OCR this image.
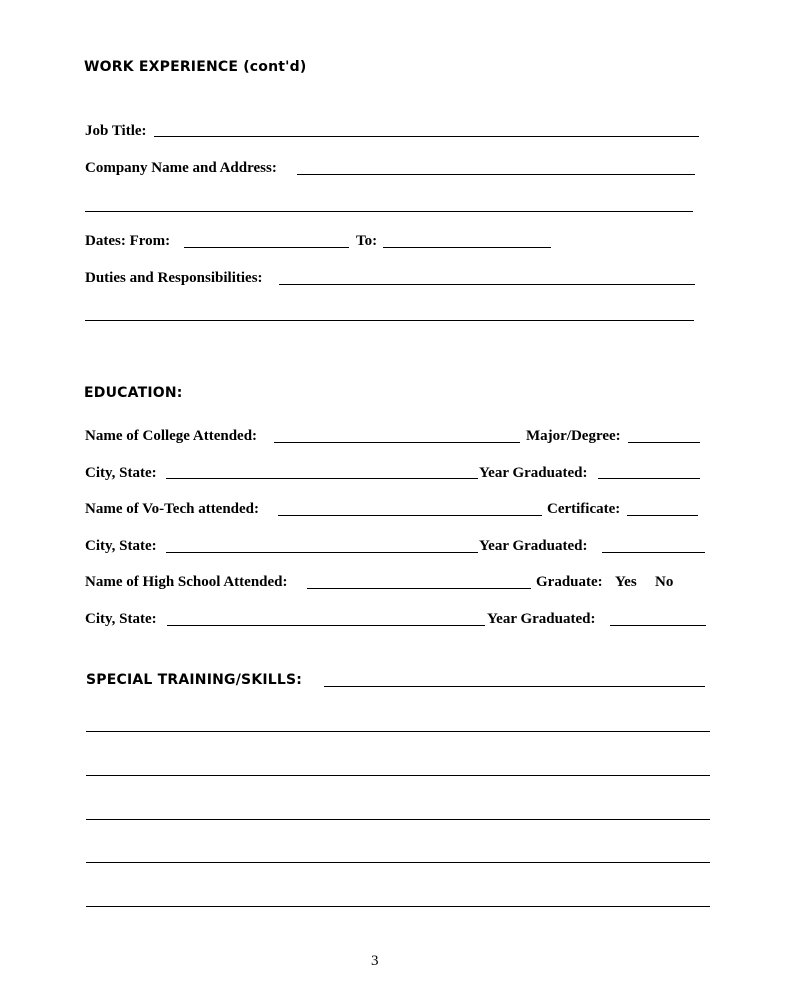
WORK EXPERIENCE (cont'd)
Job Title:
Company Name and Address:
Dates: From:	To:
Duties and Responsibilities:
EDUCATION:
Name of College Attended:	Major/Degree:
City, State:	Year Graduated:
Name of Vo-Tech attended:	Certificate:
City, State:	Year Graduated:
Name of High School Attended:	Graduate: Yes No
City, State:	Year Graduated:
SPECIAL TRAINING/SKILLS:
3
